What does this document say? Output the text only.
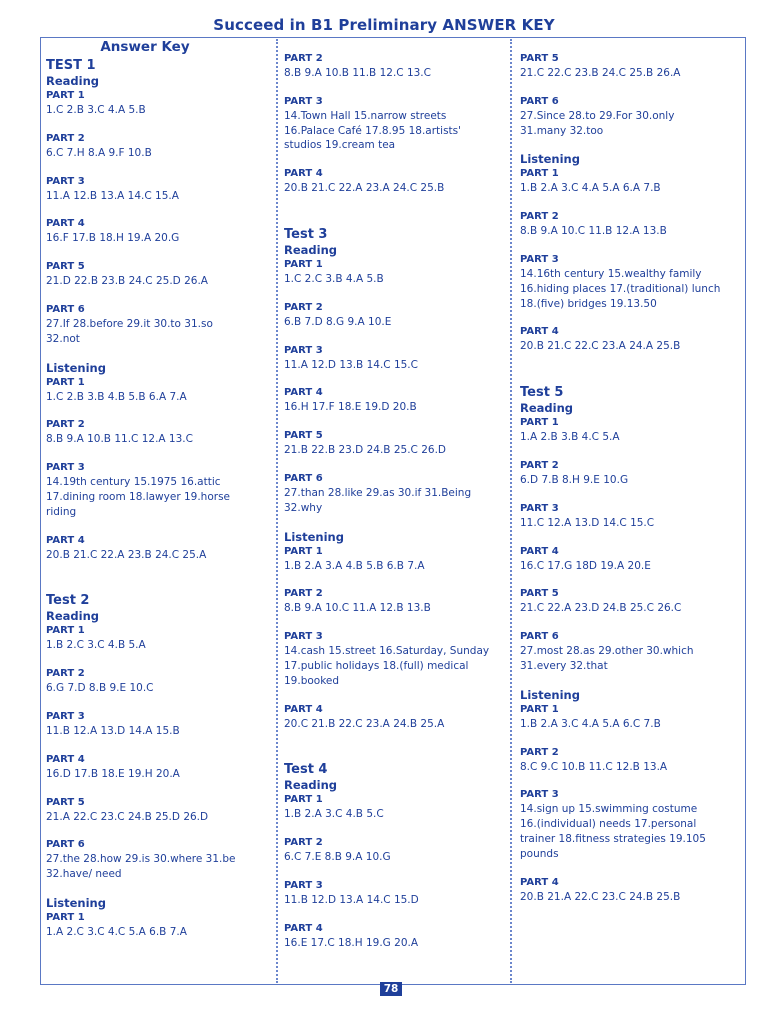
Succeed in B1 Preliminary ANSWER KEY
Answer Key
TEST 1
Reading
PART 1
1.C 2.B 3.C 4.A 5.B
PART 2
6.C 7.H 8.A 9.F 10.B
PART 3
11.A 12.B 13.A 14.C 15.A
PART 4
16.F 17.B 18.H 19.A 20.G
PART 5
21.D 22.B 23.B 24.C 25.D 26.A
PART 6
27.If 28.before 29.it 30.to 31.so
32.not
Listening
PART 1
1.C 2.B 3.B 4.B 5.B 6.A 7.A
PART 2
8.B 9.A 10.B 11.C 12.A 13.C
PART 3
14.19th century 15.1975 16.attic
17.dining room 18.lawyer 19.horse
riding
PART 4
20.B 21.C 22.A 23.B 24.C 25.A
Test 2
Reading
PART 1
1.B 2.C 3.C 4.B 5.A
PART 2
6.G 7.D 8.B 9.E 10.C
PART 3
11.B 12.A 13.D 14.A 15.B
PART 4
16.D 17.B 18.E 19.H 20.A
PART 5
21.A 22.C 23.C 24.B 25.D 26.D
PART 6
27.the 28.how 29.is 30.where 31.be
32.have/ need
Listening
PART 1
1.A 2.C 3.C 4.C 5.A 6.B 7.A
PART 2
8.B 9.A 10.B 11.B 12.C 13.C
PART 3
14.Town Hall 15.narrow streets
16.Palace Café 17.8.95 18.artists'
studios 19.cream tea
PART 4
20.B 21.C 22.A 23.A 24.C 25.B
Test 3
Reading
PART 1
1.C 2.C 3.B 4.A 5.B
PART 2
6.B 7.D 8.G 9.A 10.E
PART 3
11.A 12.D 13.B 14.C 15.C
PART 4
16.H 17.F 18.E 19.D 20.B
PART 5
21.B 22.B 23.D 24.B 25.C 26.D
PART 6
27.than 28.like 29.as 30.if 31.Being
32.why
Listening
PART 1
1.B 2.A 3.A 4.B 5.B 6.B 7.A
PART 2
8.B 9.A 10.C 11.A 12.B 13.B
PART 3
14.cash 15.street 16.Saturday, Sunday
17.public holidays 18.(full) medical
19.booked
PART 4
20.C 21.B 22.C 23.A 24.B 25.A
Test 4
Reading
PART 1
1.B 2.A 3.C 4.B 5.C
PART 2
6.C 7.E 8.B 9.A 10.G
PART 3
11.B 12.D 13.A 14.C 15.D
PART 4
16.E 17.C 18.H 19.G 20.A
PART 5
21.C 22.C 23.B 24.C 25.B 26.A
PART 6
27.Since 28.to 29.For 30.only
31.many 32.too
Listening
PART 1
1.B 2.A 3.C 4.A 5.A 6.A 7.B
PART 2
8.B 9.A 10.C 11.B 12.A 13.B
PART 3
14.16th century 15.wealthy family
16.hiding places 17.(traditional) lunch
18.(five) bridges 19.13.50
PART 4
20.B 21.C 22.C 23.A 24.A 25.B
Test 5
Reading
PART 1
1.A 2.B 3.B 4.C 5.A
PART 2
6.D 7.B 8.H 9.E 10.G
PART 3
11.C 12.A 13.D 14.C 15.C
PART 4
16.C 17.G 18D 19.A 20.E
PART 5
21.C 22.A 23.D 24.B 25.C 26.C
PART 6
27.most 28.as 29.other 30.which
31.every 32.that
Listening
PART 1
1.B 2.A 3.C 4.A 5.A 6.C 7.B
PART 2
8.C 9.C 10.B 11.C 12.B 13.A
PART 3
14.sign up 15.swimming costume
16.(individual) needs 17.personal
trainer 18.fitness strategies 19.105
pounds
PART 4
20.B 21.A 22.C 23.C 24.B 25.B
78
